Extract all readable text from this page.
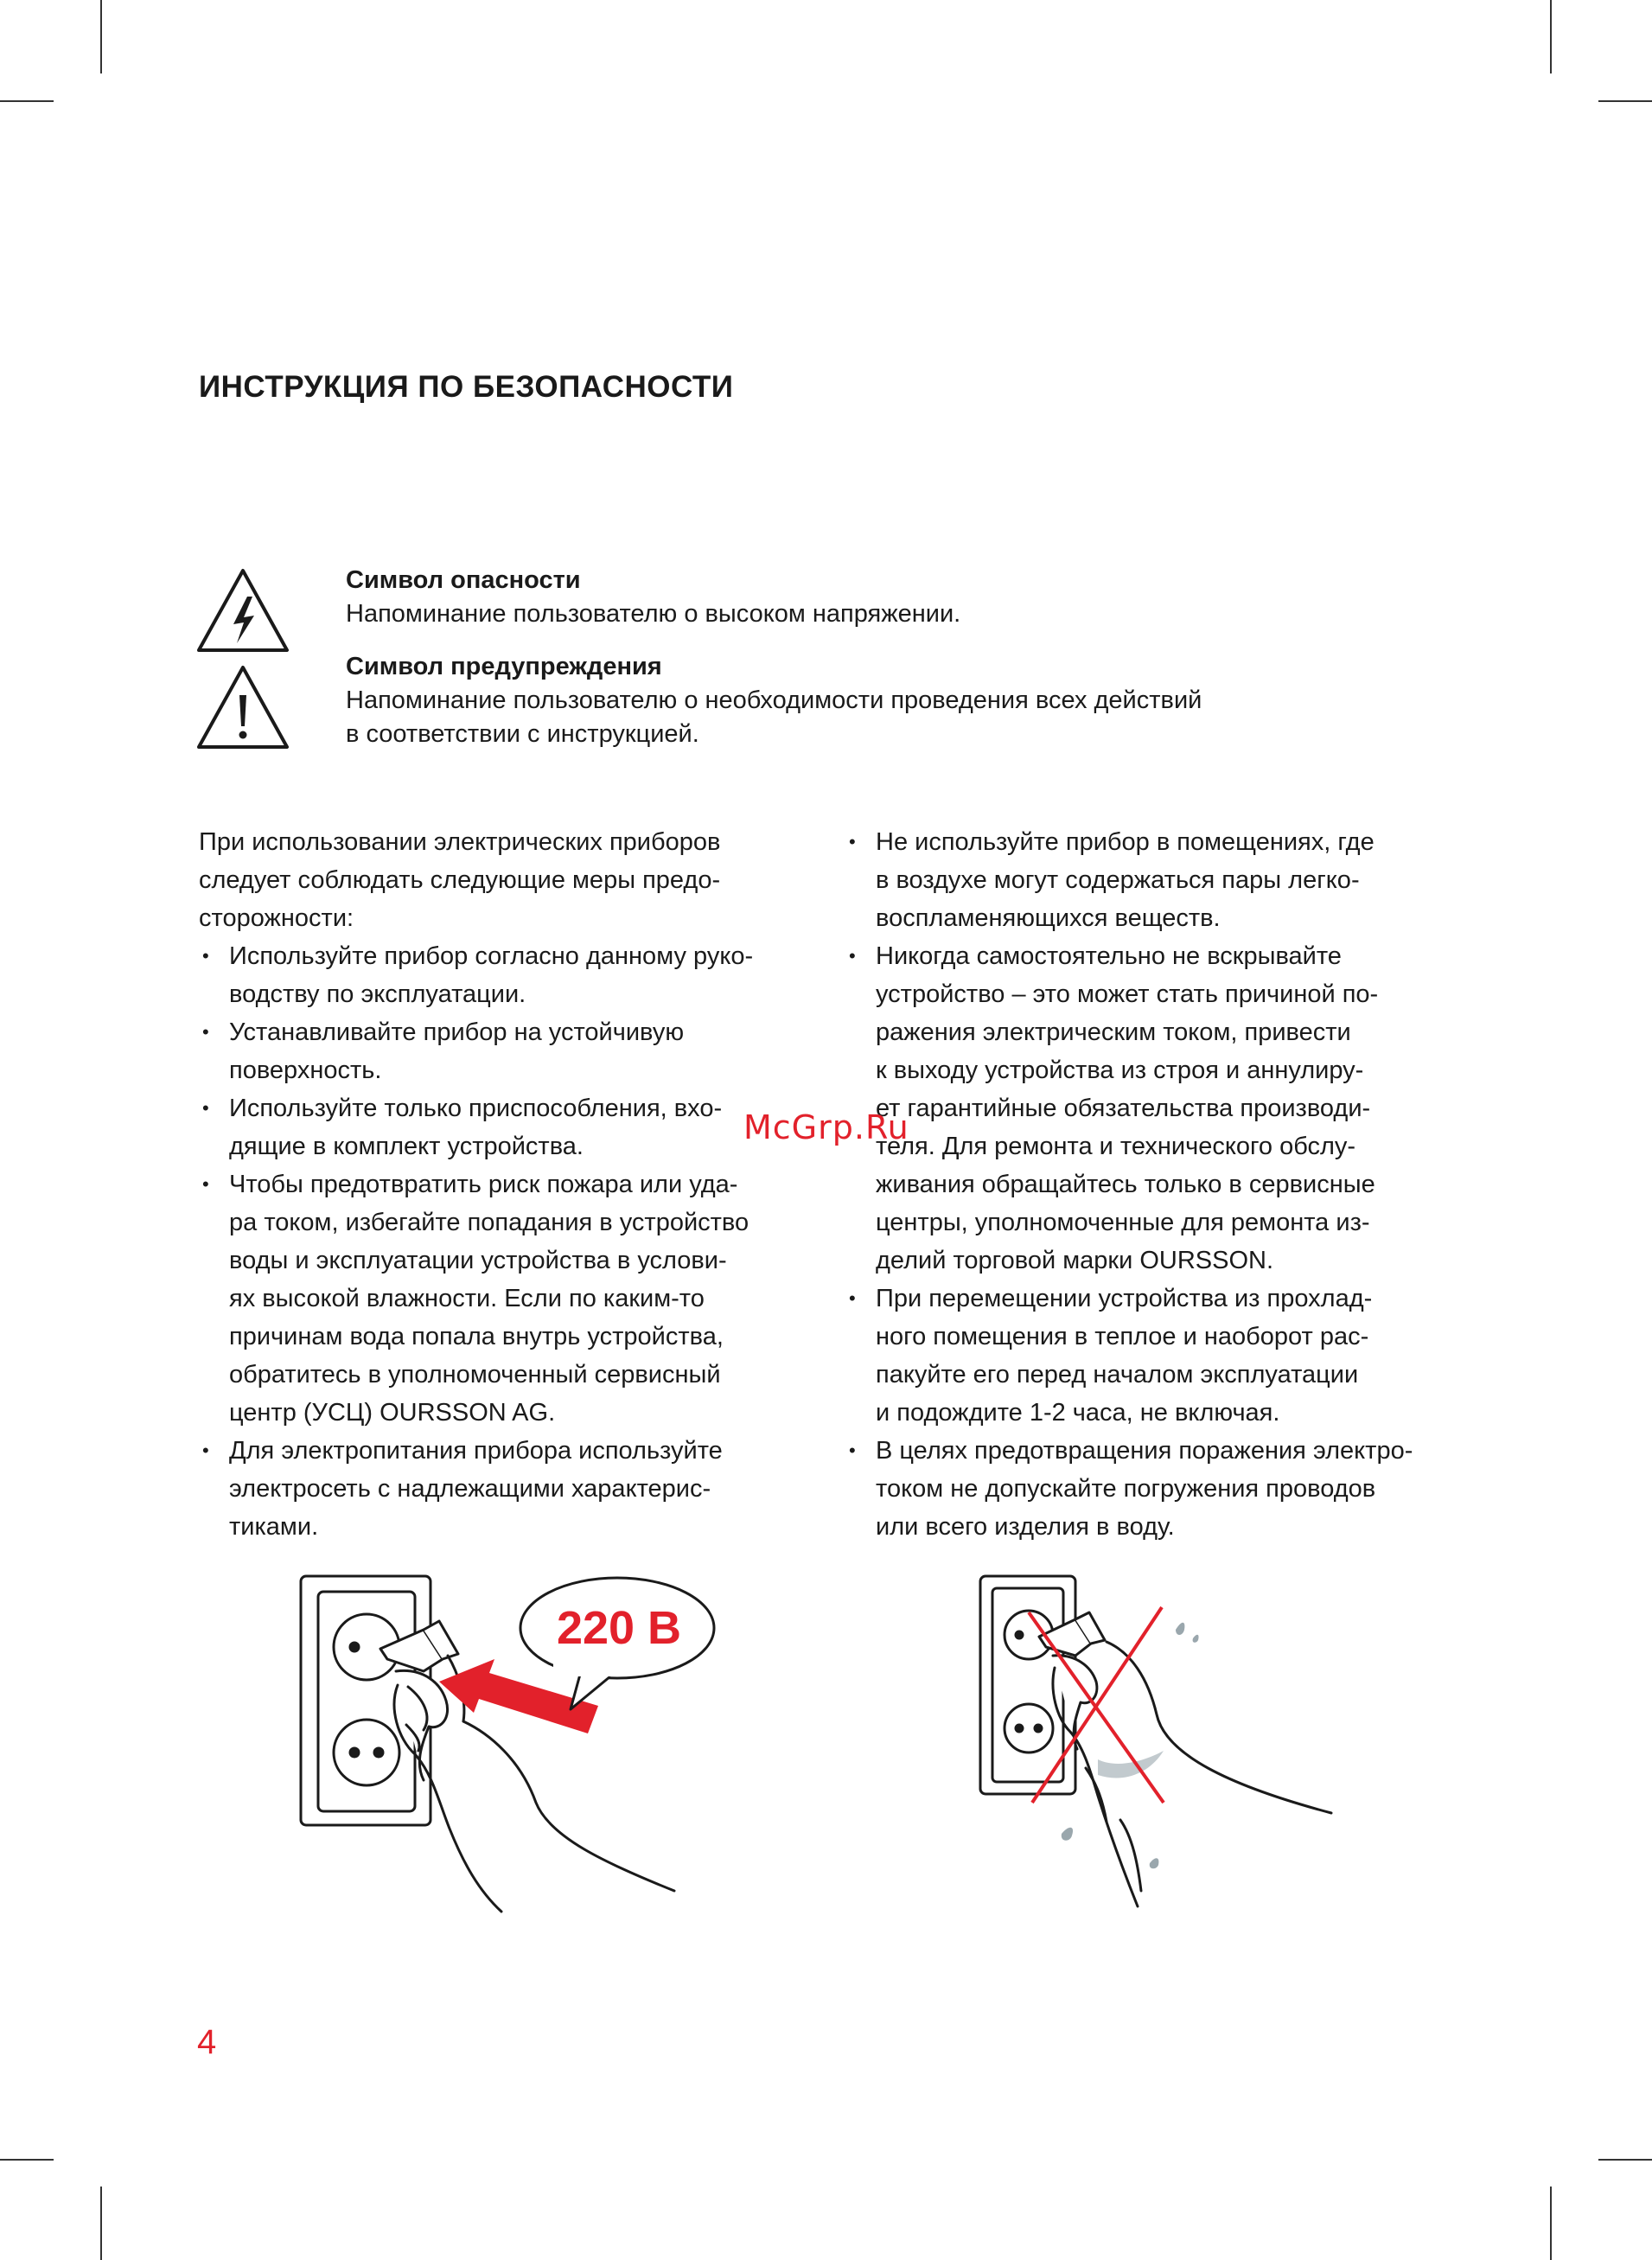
ИНСТРУКЦИЯ ПО БЕЗОПАСНОСТИ
Символ опасности
Напоминание пользователю о высоком напряжении.
Символ предупреждения
Напоминание пользователю о необходимости проведения всех действий
в соответствии с инструкцией.

При использовании электрических приборов
следует соблюдать следующие меры предо-
сторожности:

• Используйте прибор согласно данному руко-
водству по эксплуатации.
• Устанавливайте прибор на устойчивую
поверхность.
• Используйте только приспособления, вхо-
дящие в комплект устройства.
• Чтобы предотвратить риск пожара или уда-
ра током, избегайте попадания в устройство
воды и эксплуатации устройства в услови-
ях высокой влажности. Если по каким-то
причинам вода попала внутрь устройства,
обратитесь в уполномоченный сервисный
центр (УСЦ) OURSSON AG.
• Для электропитания прибора используйте
электросеть с надлежащими характерис-
тиками.
• Не используйте прибор в помещениях, где
в воздухе могут содержаться пары легко-
воспламеняющихся веществ.
• Никогда самостоятельно не вскрывайте
устройство – это может стать причиной по-
ражения электрическим током, привести
к выходу устройства из строя и аннулиру-
ет гарантийные обязательства производи-
теля. Для ремонта и технического обслу-
живания обращайтесь только в сервисные
центры, уполномоченные для ремонта из-
делий торговой марки OURSSON.
• При перемещении устройства из прохлад-
ного помещения в теплое и наоборот рас-
пакуйте его перед началом эксплуатации
и подождите 1-2 часа, не включая.
• В целях предотвращения поражения электро-
током не допускайте погружения проводов
или всего изделия в воду.
220 В
McGrp.Ru
4
